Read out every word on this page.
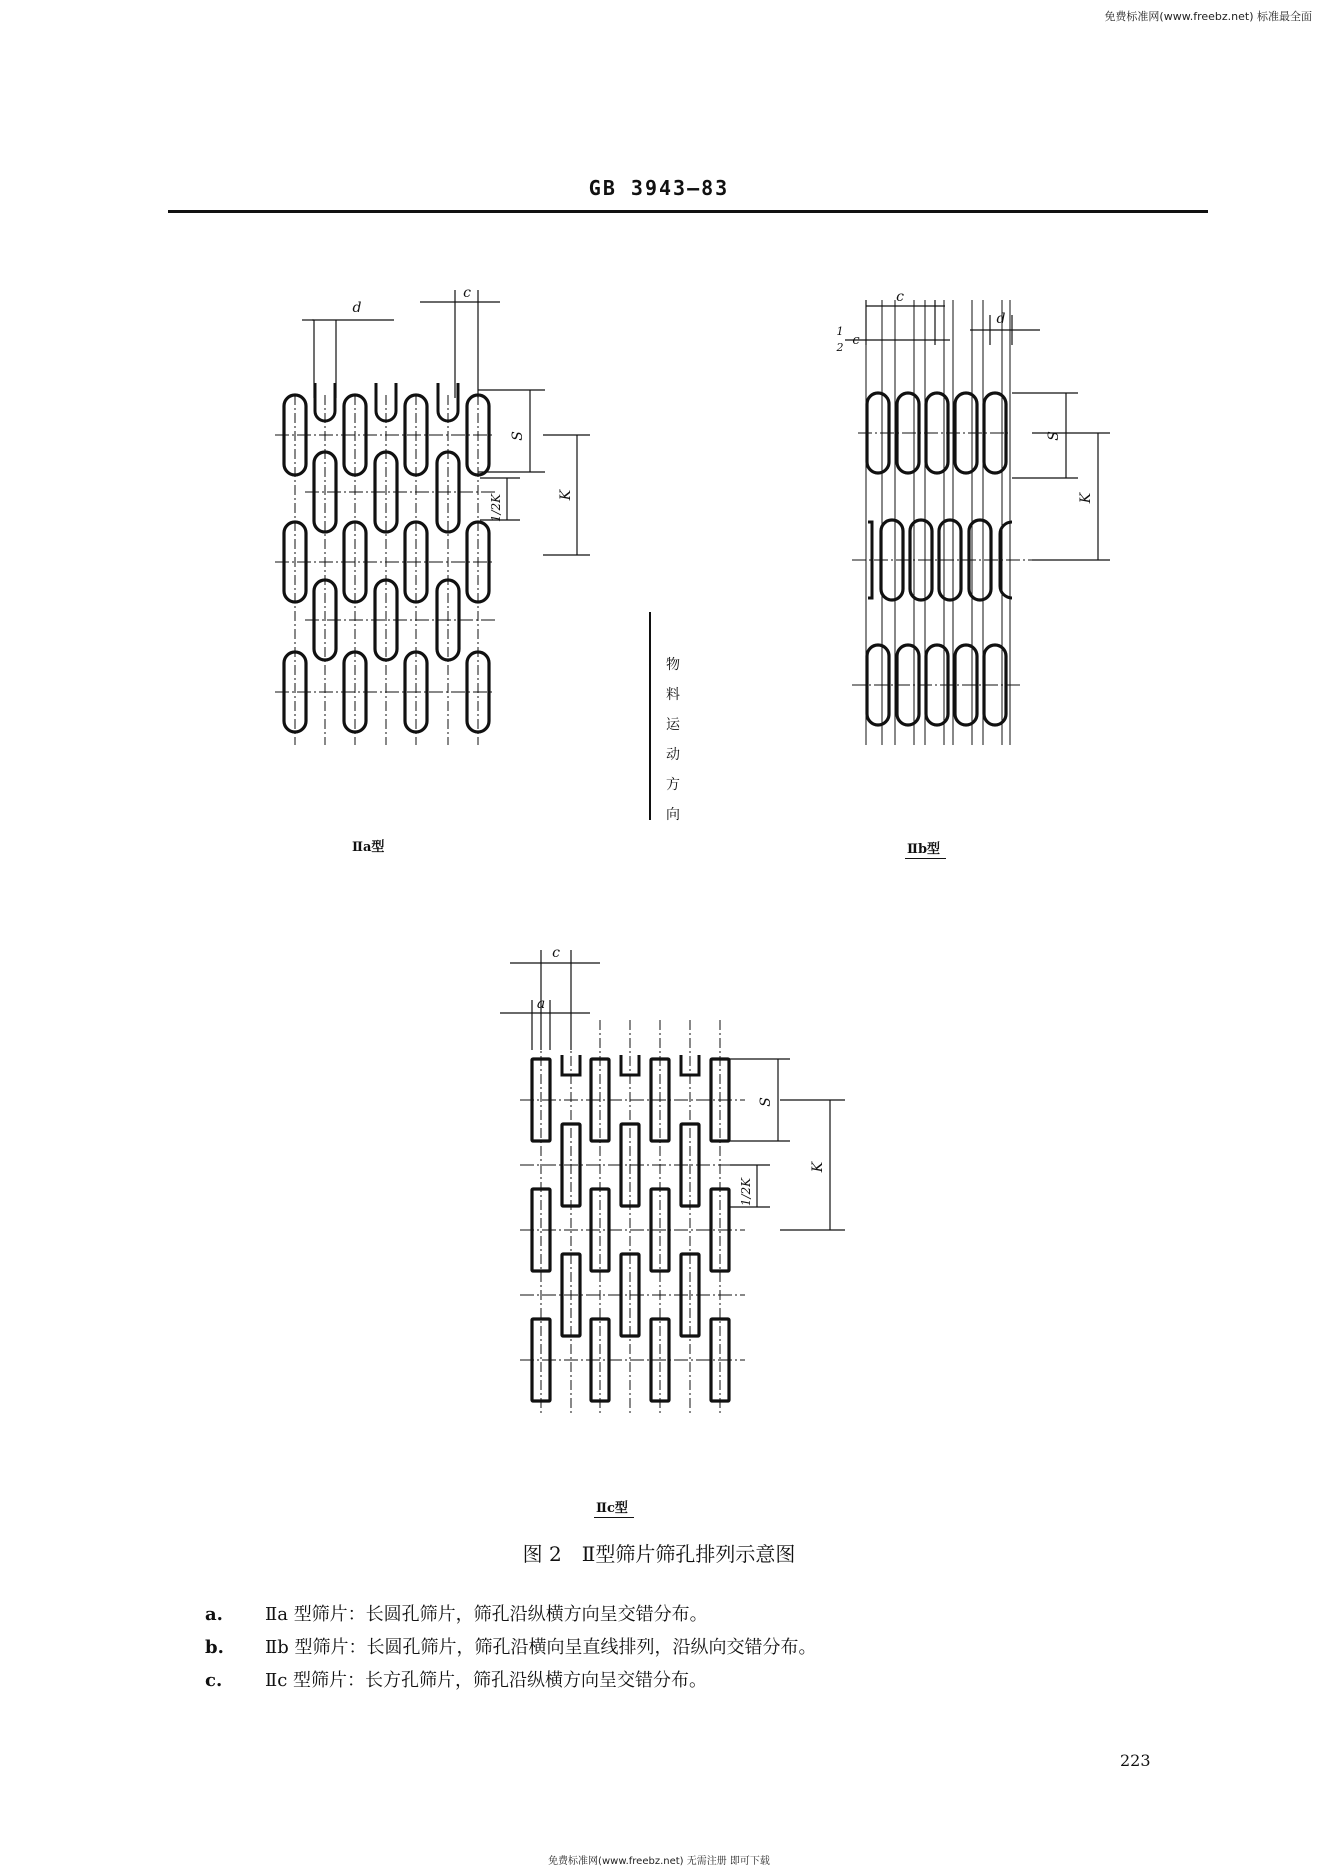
免费标准网(www.freebz.net) 标准最全面
GB 3943—83
d
c
S
K
1/2K
c
1
2 c
d
S
K
c
a
S
K
1/2K
物
料
运
动
方
向
Ⅱa型	Ⅱb型
Ⅱc型
图 2　Ⅱ型筛片筛孔排列示意图
a. Ⅱa 型筛片：长圆孔筛片，筛孔沿纵横方向呈交错分布。
b. Ⅱb 型筛片：长圆孔筛片，筛孔沿横向呈直线排列，沿纵向交错分布。
c. Ⅱc 型筛片：长方孔筛片，筛孔沿纵横方向呈交错分布。
223
免费标准网(www.freebz.net) 无需注册 即可下载
